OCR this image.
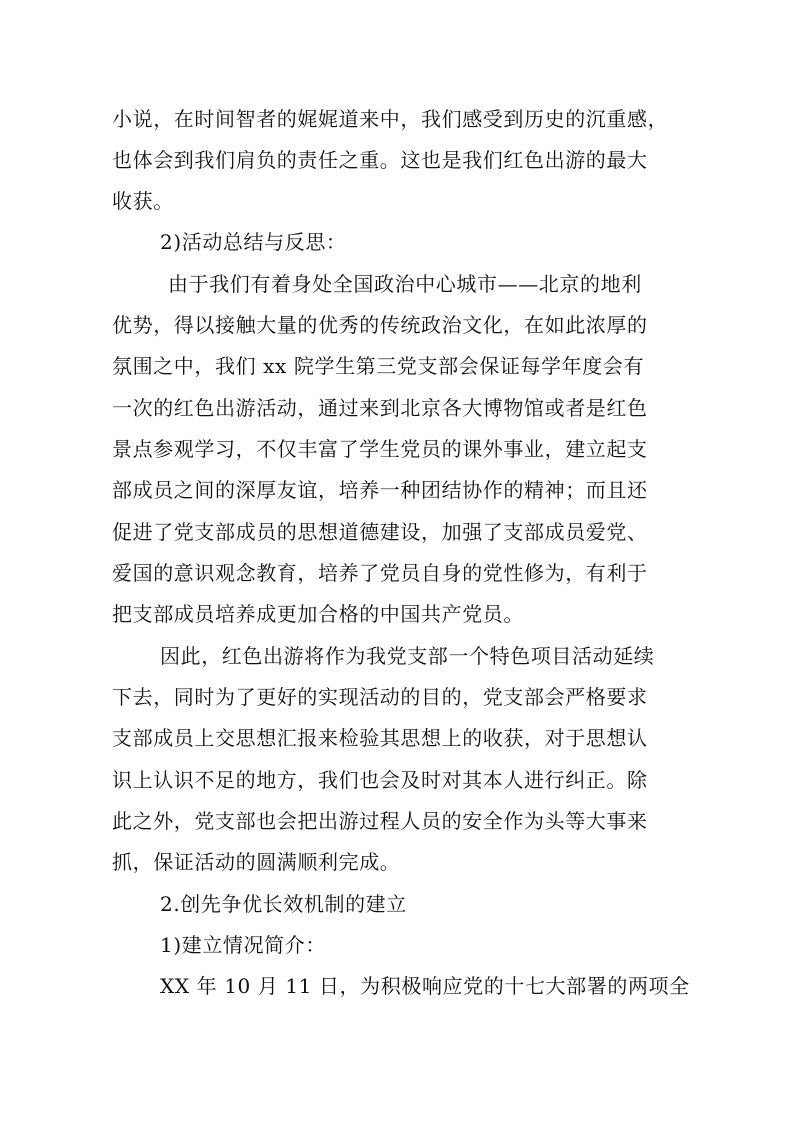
小说，在时间智者的娓娓道来中，我们感受到历史的沉重感，
也体会到我们肩负的责任之重。这也是我们红色出游的最大
收获。
2)活动总结与反思：
由于我们有着身处全国政治中心城市——北京的地利
优势，得以接触大量的优秀的传统政治文化，在如此浓厚的
氛围之中，我们 xx 院学生第三党支部会保证每学年度会有
一次的红色出游活动，通过来到北京各大博物馆或者是红色
景点参观学习，不仅丰富了学生党员的课外事业，建立起支
部成员之间的深厚友谊，培养一种团结协作的精神；而且还
促进了党支部成员的思想道德建设，加强了支部成员爱党、
爱国的意识观念教育，培养了党员自身的党性修为，有利于
把支部成员培养成更加合格的中国共产党员。
因此，红色出游将作为我党支部一个特色项目活动延续
下去，同时为了更好的实现活动的目的，党支部会严格要求
支部成员上交思想汇报来检验其思想上的收获，对于思想认
识上认识不足的地方，我们也会及时对其本人进行纠正。除
此之外，党支部也会把出游过程人员的安全作为头等大事来
抓，保证活动的圆满顺利完成。
2.创先争优长效机制的建立
1)建立情况简介：
XX 年 10 月 11 日，为积极响应党的十七大部署的两项全
